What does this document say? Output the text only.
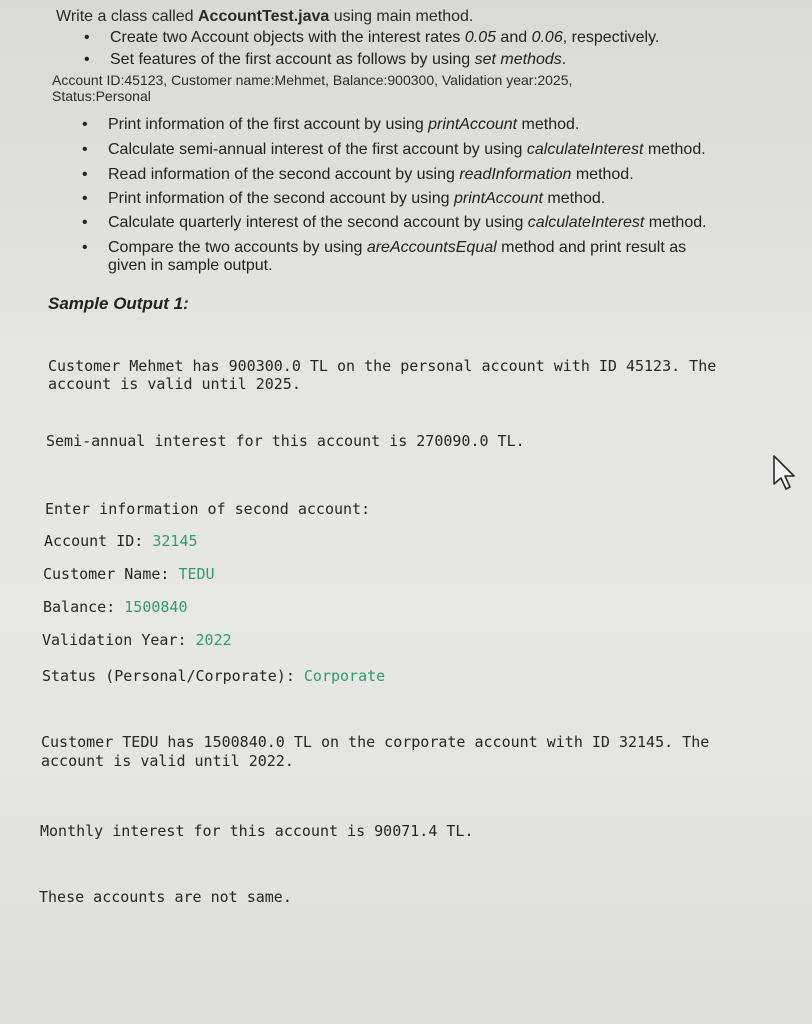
Write a class called AccountTest.java using main method.
• Create two Account objects with the interest rates 0.05 and 0.06, respectively.
• Set features of the first account as follows by using set methods.
Account ID:45123, Customer name:Mehmet, Balance:900300, Validation year:2025,
Status:Personal
• Print information of the first account by using printAccount method.
• Calculate semi-annual interest of the first account by using calculateInterest method.
• Read information of the second account by using readInformation method.
• Print information of the second account by using printAccount method.
• Calculate quarterly interest of the second account by using calculateInterest method.
• Compare the two accounts by using areAccountsEqual method and print result as
given in sample output.
Sample Output 1:
Customer Mehmet has 900300.0 TL on the personal account with ID 45123. The
account is valid until 2025.
Semi-annual interest for this account is 270090.0 TL.
Enter information of second account:
Account ID: 32145
Customer Name: TEDU
Balance: 1500840
Validation Year: 2022
Status (Personal/Corporate): Corporate
Customer TEDU has 1500840.0 TL on the corporate account with ID 32145. The
account is valid until 2022.
Monthly interest for this account is 90071.4 TL.
These accounts are not same.
